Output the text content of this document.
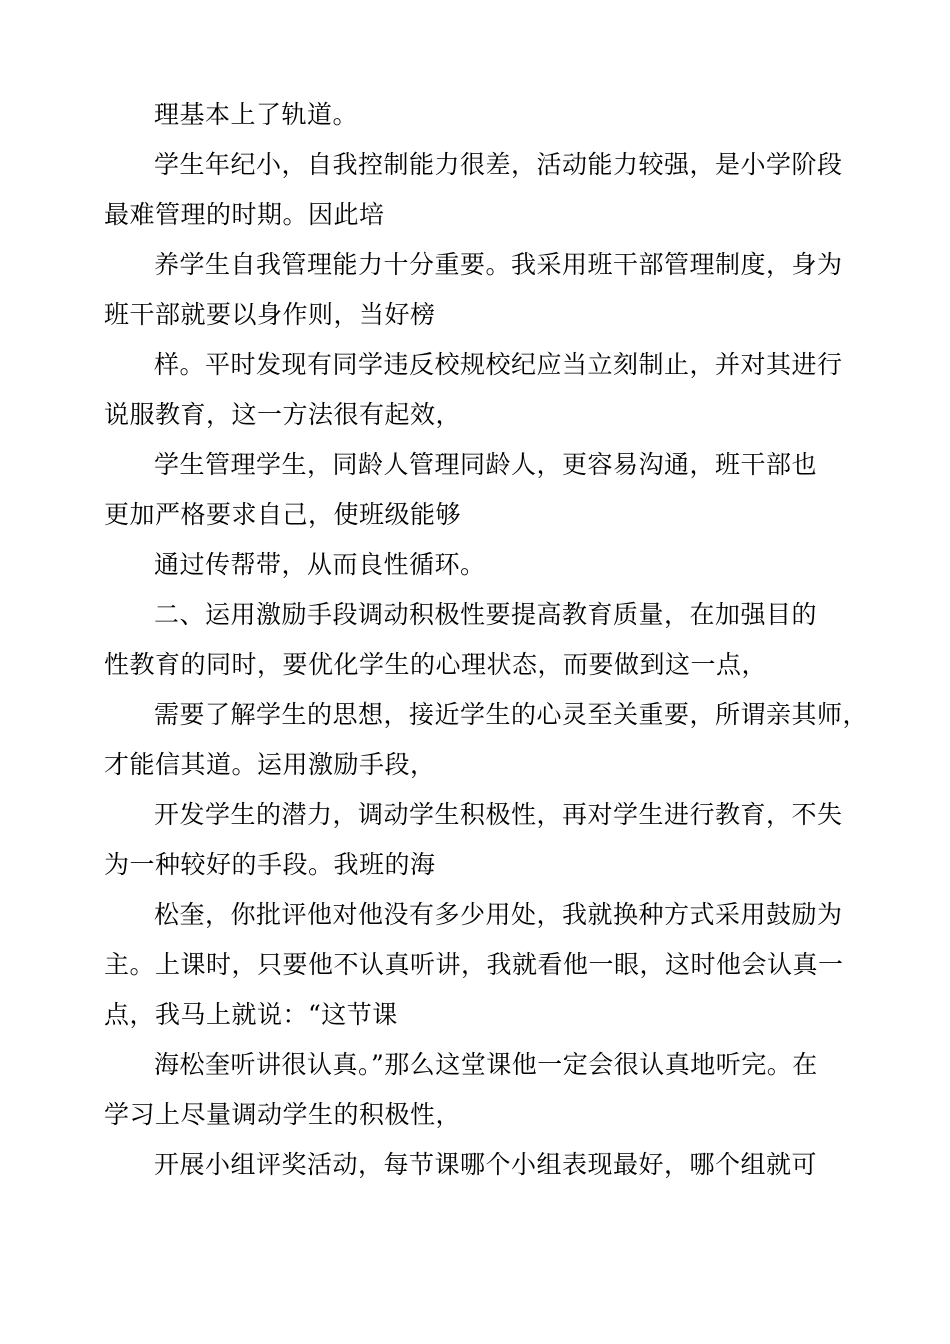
理基本上了轨道。
学生年纪小，自我控制能力很差，活动能力较强，是小学阶段
最难管理的时期。因此培
养学生自我管理能力十分重要。我采用班干部管理制度，身为
班干部就要以身作则，当好榜
样。平时发现有同学违反校规校纪应当立刻制止，并对其进行
说服教育，这一方法很有起效，
学生管理学生，同龄人管理同龄人，更容易沟通，班干部也
更加严格要求自己，使班级能够
通过传帮带，从而良性循环。
二、运用激励手段调动积极性要提高教育质量，在加强目的
性教育的同时，要优化学生的心理状态，而要做到这一点，
需要了解学生的思想，接近学生的心灵至关重要，所谓亲其师，
才能信其道。运用激励手段，
开发学生的潜力，调动学生积极性，再对学生进行教育，不失
为一种较好的手段。我班的海
松奎，你批评他对他没有多少用处，我就换种方式采用鼓励为
主。上课时，只要他不认真听讲，我就看他一眼，这时他会认真一
点，我马上就说：“这节课
海松奎听讲很认真。”那么这堂课他一定会很认真地听完。在
学习上尽量调动学生的积极性，
开展小组评奖活动，每节课哪个小组表现最好，哪个组就可
